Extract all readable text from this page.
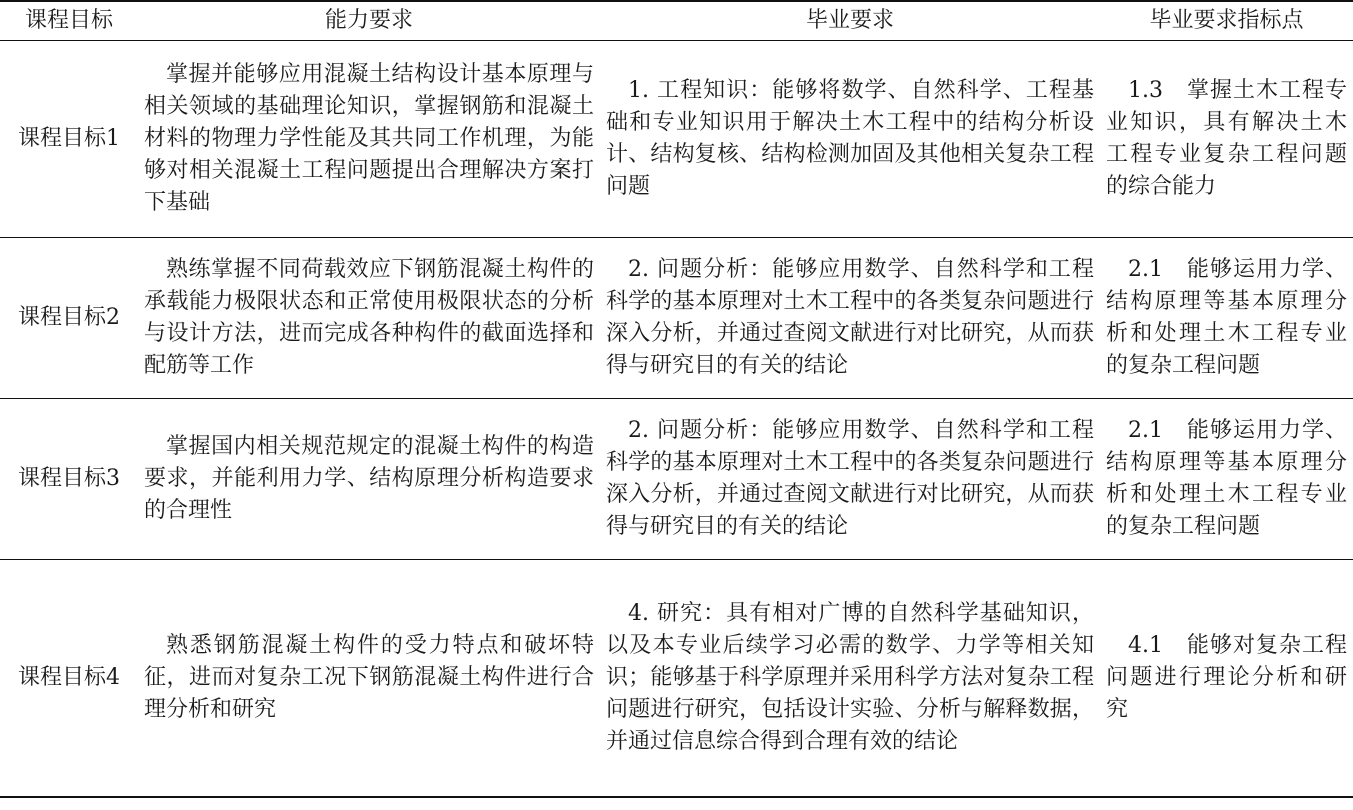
课程目标	能力要求	毕业要求	毕业要求指标点
课程目标1	掌握并能够应用混凝土结构设计基本原理与相关领域的基础理论知识，掌握钢筋和混凝土材料的物理力学性能及其共同工作机理，为能够对相关混凝土工程问题提出合理解决方案打下基础	1. 工程知识：能够将数学、自然科学、工程基础和专业知识用于解决土木工程中的结构分析设计、结构复核、结构检测加固及其他相关复杂工程问题	1.3　掌握土木工程专业知识，具有解决土木工程专业复杂工程问题的综合能力
课程目标2	熟练掌握不同荷载效应下钢筋混凝土构件的承载能力极限状态和正常使用极限状态的分析与设计方法，进而完成各种构件的截面选择和配筋等工作	2. 问题分析：能够应用数学、自然科学和工程科学的基本原理对土木工程中的各类复杂问题进行深入分析，并通过查阅文献进行对比研究，从而获得与研究目的有关的结论	2.1　能够运用力学、结构原理等基本原理分析和处理土木工程专业的复杂工程问题
课程目标3	掌握国内相关规范规定的混凝土构件的构造要求，并能利用力学、结构原理分析构造要求的合理性	2. 问题分析：能够应用数学、自然科学和工程科学的基本原理对土木工程中的各类复杂问题进行深入分析，并通过查阅文献进行对比研究，从而获得与研究目的有关的结论	2.1　能够运用力学、结构原理等基本原理分析和处理土木工程专业的复杂工程问题
课程目标4	熟悉钢筋混凝土构件的受力特点和破坏特征，进而对复杂工况下钢筋混凝土构件进行合理分析和研究	4. 研究：具有相对广博的自然科学基础知识，以及本专业后续学习必需的数学、力学等相关知识；能够基于科学原理并采用科学方法对复杂工程问题进行研究，包括设计实验、分析与解释数据，并通过信息综合得到合理有效的结论	4.1　能够对复杂工程问题进行理论分析和研究
